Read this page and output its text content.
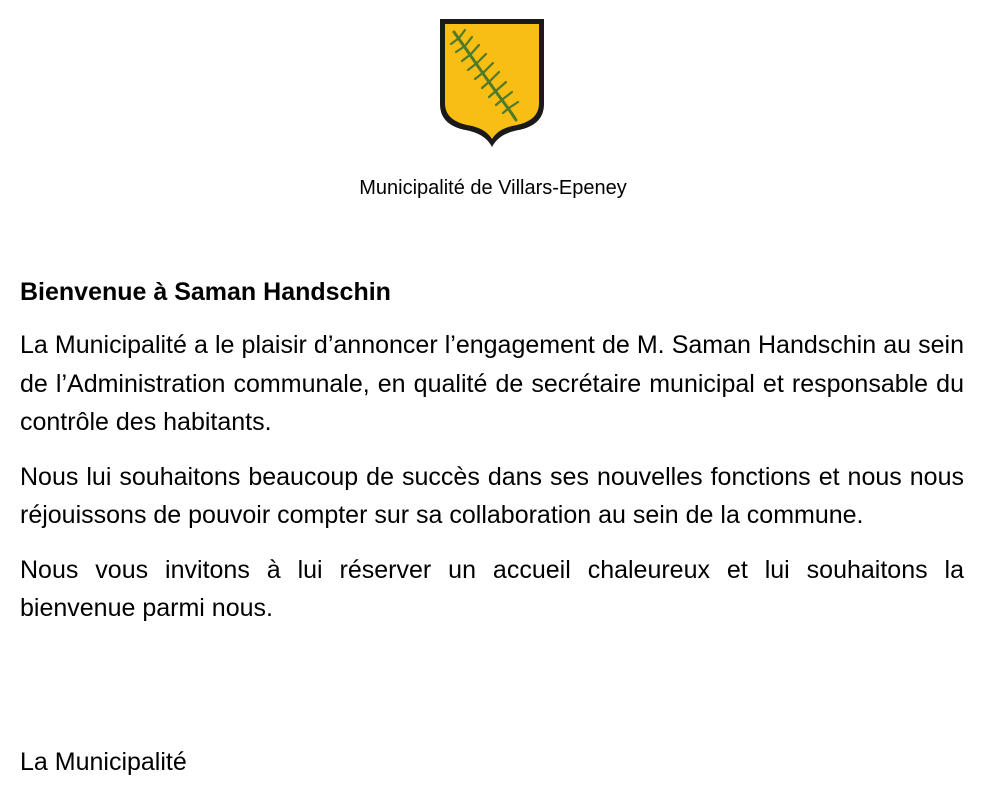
Municipalité de Villars-Epeney
Bienvenue à Saman Handschin

La Municipalité a le plaisir d’annoncer l’engagement de M. Saman Handschin au sein de l’Administration communale, en qualité de secrétaire municipal et responsable du contrôle des habitants.

Nous lui souhaitons beaucoup de succès dans ses nouvelles fonctions et nous nous réjouissons de pouvoir compter sur sa collaboration au sein de la commune.

Nous vous invitons à lui réserver un accueil chaleureux et lui souhaitons la bienvenue parmi nous.

La Municipalité
